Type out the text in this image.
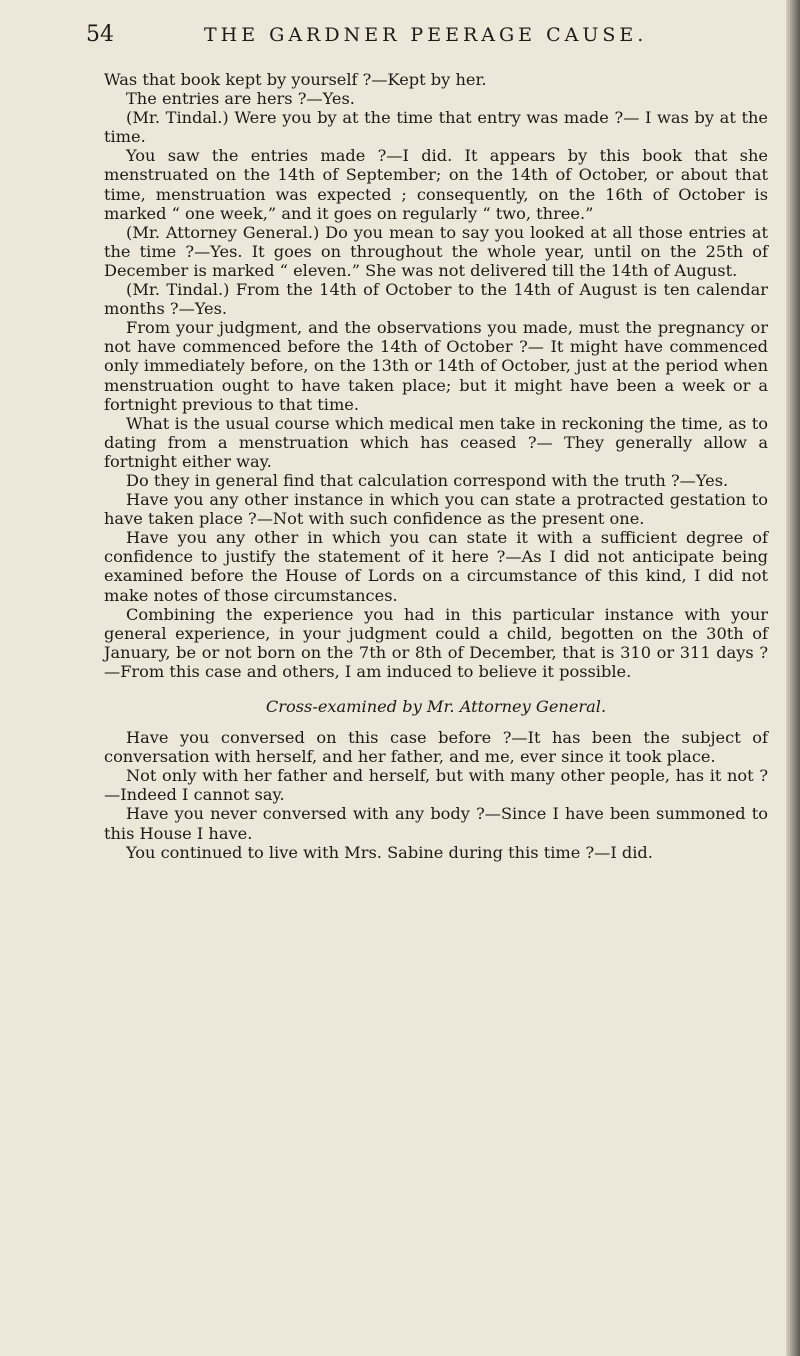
54	THE GARDNER PEERAGE CAUSE.

Was that book kept by yourself ?—Kept by her.

The entries are hers ?—Yes.

(Mr. Tindal.) Were you by at the time that entry was made ?— I was by at the time.

You saw the entries made ?—I did. It appears by this book that she menstruated on the 14th of September; on the 14th of October, or about that time, menstruation was expected ; consequently, on the 16th of October is marked “ one week,” and it goes on regularly “ two, three.”

(Mr. Attorney General.) Do you mean to say you looked at all those entries at the time ?—Yes. It goes on throughout the whole year, until on the 25th of December is marked “ eleven.” She was not delivered till the 14th of August.

(Mr. Tindal.) From the 14th of October to the 14th of August is ten calendar months ?—Yes.

From your judgment, and the observations you made, must the pregnancy or not have commenced before the 14th of October ?— It might have commenced only immediately before, on the 13th or 14th of October, just at the period when menstruation ought to have taken place; but it might have been a week or a fortnight previous to that time.

What is the usual course which medical men take in reckoning the time, as to dating from a menstruation which has ceased ?— They generally allow a fortnight either way.

Do they in general find that calculation correspond with the truth ?—Yes.

Have you any other instance in which you can state a protracted gestation to have taken place ?—Not with such confidence as the present one.

Have you any other in which you can state it with a sufficient degree of confidence to justify the statement of it here ?—As I did not anticipate being examined before the House of Lords on a circumstance of this kind, I did not make notes of those circumstances.

Combining the experience you had in this particular instance with your general experience, in your judgment could a child, begotten on the 30th of January, be or not born on the 7th or 8th of December, that is 310 or 311 days ?—From this case and others, I am induced to believe it possible.

Cross-examined by Mr. Attorney General.

Have you conversed on this case before ?—It has been the subject of conversation with herself, and her father, and me, ever since it took place.

Not only with her father and herself, but with many other people, has it not ?—Indeed I cannot say.

Have you never conversed with any body ?—Since I have been summoned to this House I have.

You continued to live with Mrs. Sabine during this time ?—I did.
